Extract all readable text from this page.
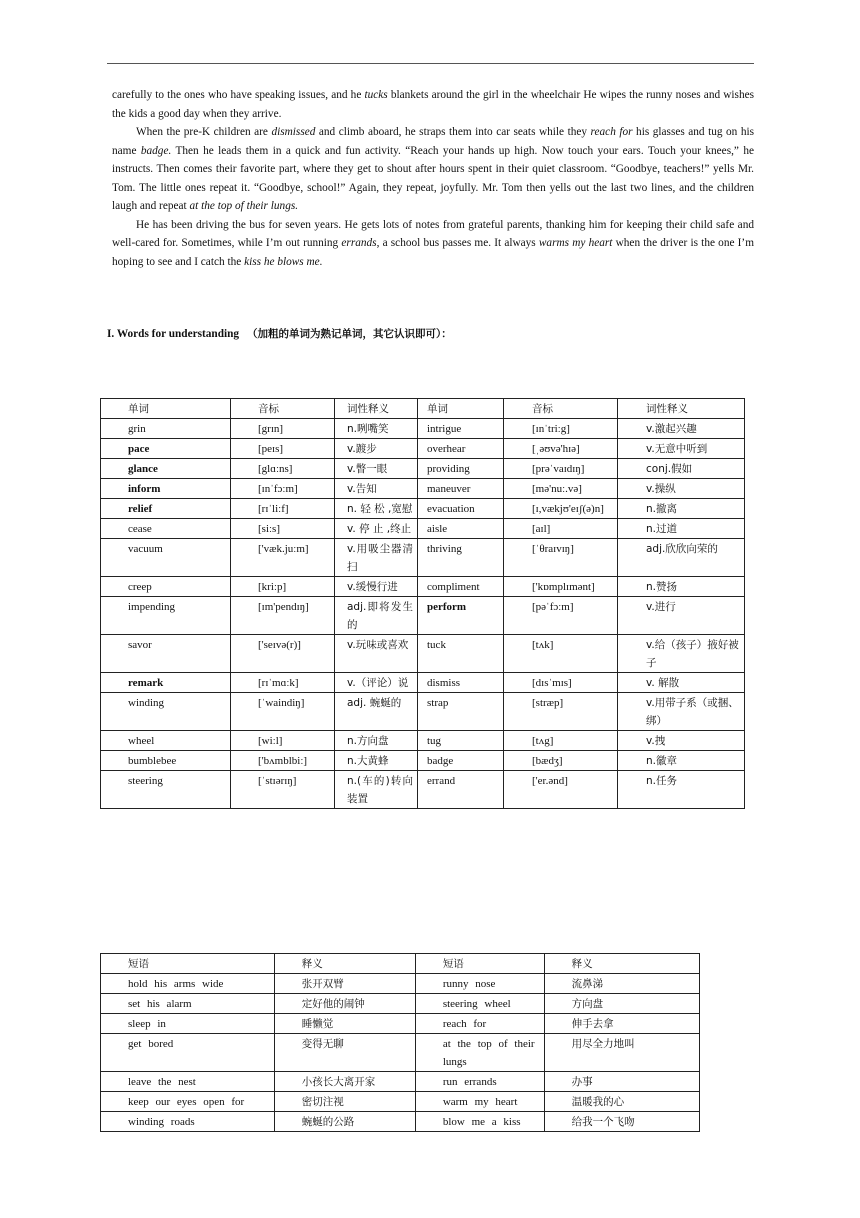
carefully to the ones who have speaking issues, and he tucks blankets around the girl in the wheelchair He wipes the runny noses and wishes the kids a good day when they arrive.

When the pre-K children are dismissed and climb aboard, he straps them into car seats while they reach for his glasses and tug on his name badge. Then he leads them in a quick and fun activity. “Reach your hands up high. Now touch your ears. Touch your knees,” he instructs. Then comes their favorite part, where they get to shout after hours spent in their quiet classroom. “Goodbye, teachers!” yells Mr. Tom. The little ones repeat it. “Goodbye, school!” Again, they repeat, joyfully. Mr. Tom then yells out the last two lines, and the children laugh and repeat at the top of their lungs.

He has been driving the bus for seven years. He gets lots of notes from grateful parents, thanking him for keeping their child safe and well-cared for. Sometimes, while I’m out running errands, a school bus passes me. It always warms my heart when the driver is the one I’m hoping to see and I catch the kiss he blows me.

I. Words for understanding （加粗的单词为熟记单词，其它认识即可）：
单词	音标	词性释义	单词	音标	词性释义
grin	[grɪn]	n.咧嘴笑	intrigue	[ɪnˈtriːg]	v.激起兴趣
pace	[peɪs]	v.踱步	overhear	[ˌəʊvə'hɪə]	v.无意中听到
glance	[glɑːns]	v.瞥一眼	providing	[prəˈvaɪdɪŋ]	conj.假如
inform	[ɪnˈfɔːm]	v.告知	maneuver	[mə'nuː.və]	v.操纵
relief	[rɪˈliːf]	n. 轻 松 ,宽慰	evacuation	[ɪ,vækjʊ'eɪʃ(ə)n]	n.撤离
cease	[siːs]	v. 停 止 ,终止	aisle	[aɪl]	n.过道
vacuum	['væk.juːm]	v.用吸尘器清扫	thriving	[ˈθraɪvɪŋ]	adj.欣欣向荣的
creep	[kriːp]	v.缓慢行进	compliment	['kɒmplɪmənt]	n.赞扬
impending	[ɪm'pendɪŋ]	adj.即将发生的	perform	[pəˈfɔːm]	v.进行
savor	['seɪvə(r)]	v.玩味或喜欢	tuck	[tʌk]	v.给（孩子）掖好被子
remark	[rɪˈmɑːk]	v.（评论）说	dismiss	[dɪsˈmɪs]	v. 解散
winding	[ˈwaindiŋ]	adj. 蜿蜒的	strap	[stræp]	v.用带子系（或捆、绑）
wheel	[wiːl]	n.方向盘	tug	[tʌg]	v.拽
bumblebee	['bʌmblbiː]	n.大黄蜂	badge	[bædʒ]	n.徽章
steering	[ˈstɪərɪŋ]	n.(车的)转向装置	errand	['er.ənd]	n.任务
短语	释义	短语	释义
hold his arms wide	张开双臂	runny nose	流鼻涕
set his alarm	定好他的闹钟	steering wheel	方向盘
sleep in	睡懒觉	reach for	伸手去拿
get bored	变得无聊	at the top of their lungs	用尽全力地叫
leave the nest	小孩长大离开家	run errands	办事
keep our eyes open for	密切注视	warm my heart	温暖我的心
winding roads	蜿蜒的公路	blow me a kiss	给我一个飞吻
